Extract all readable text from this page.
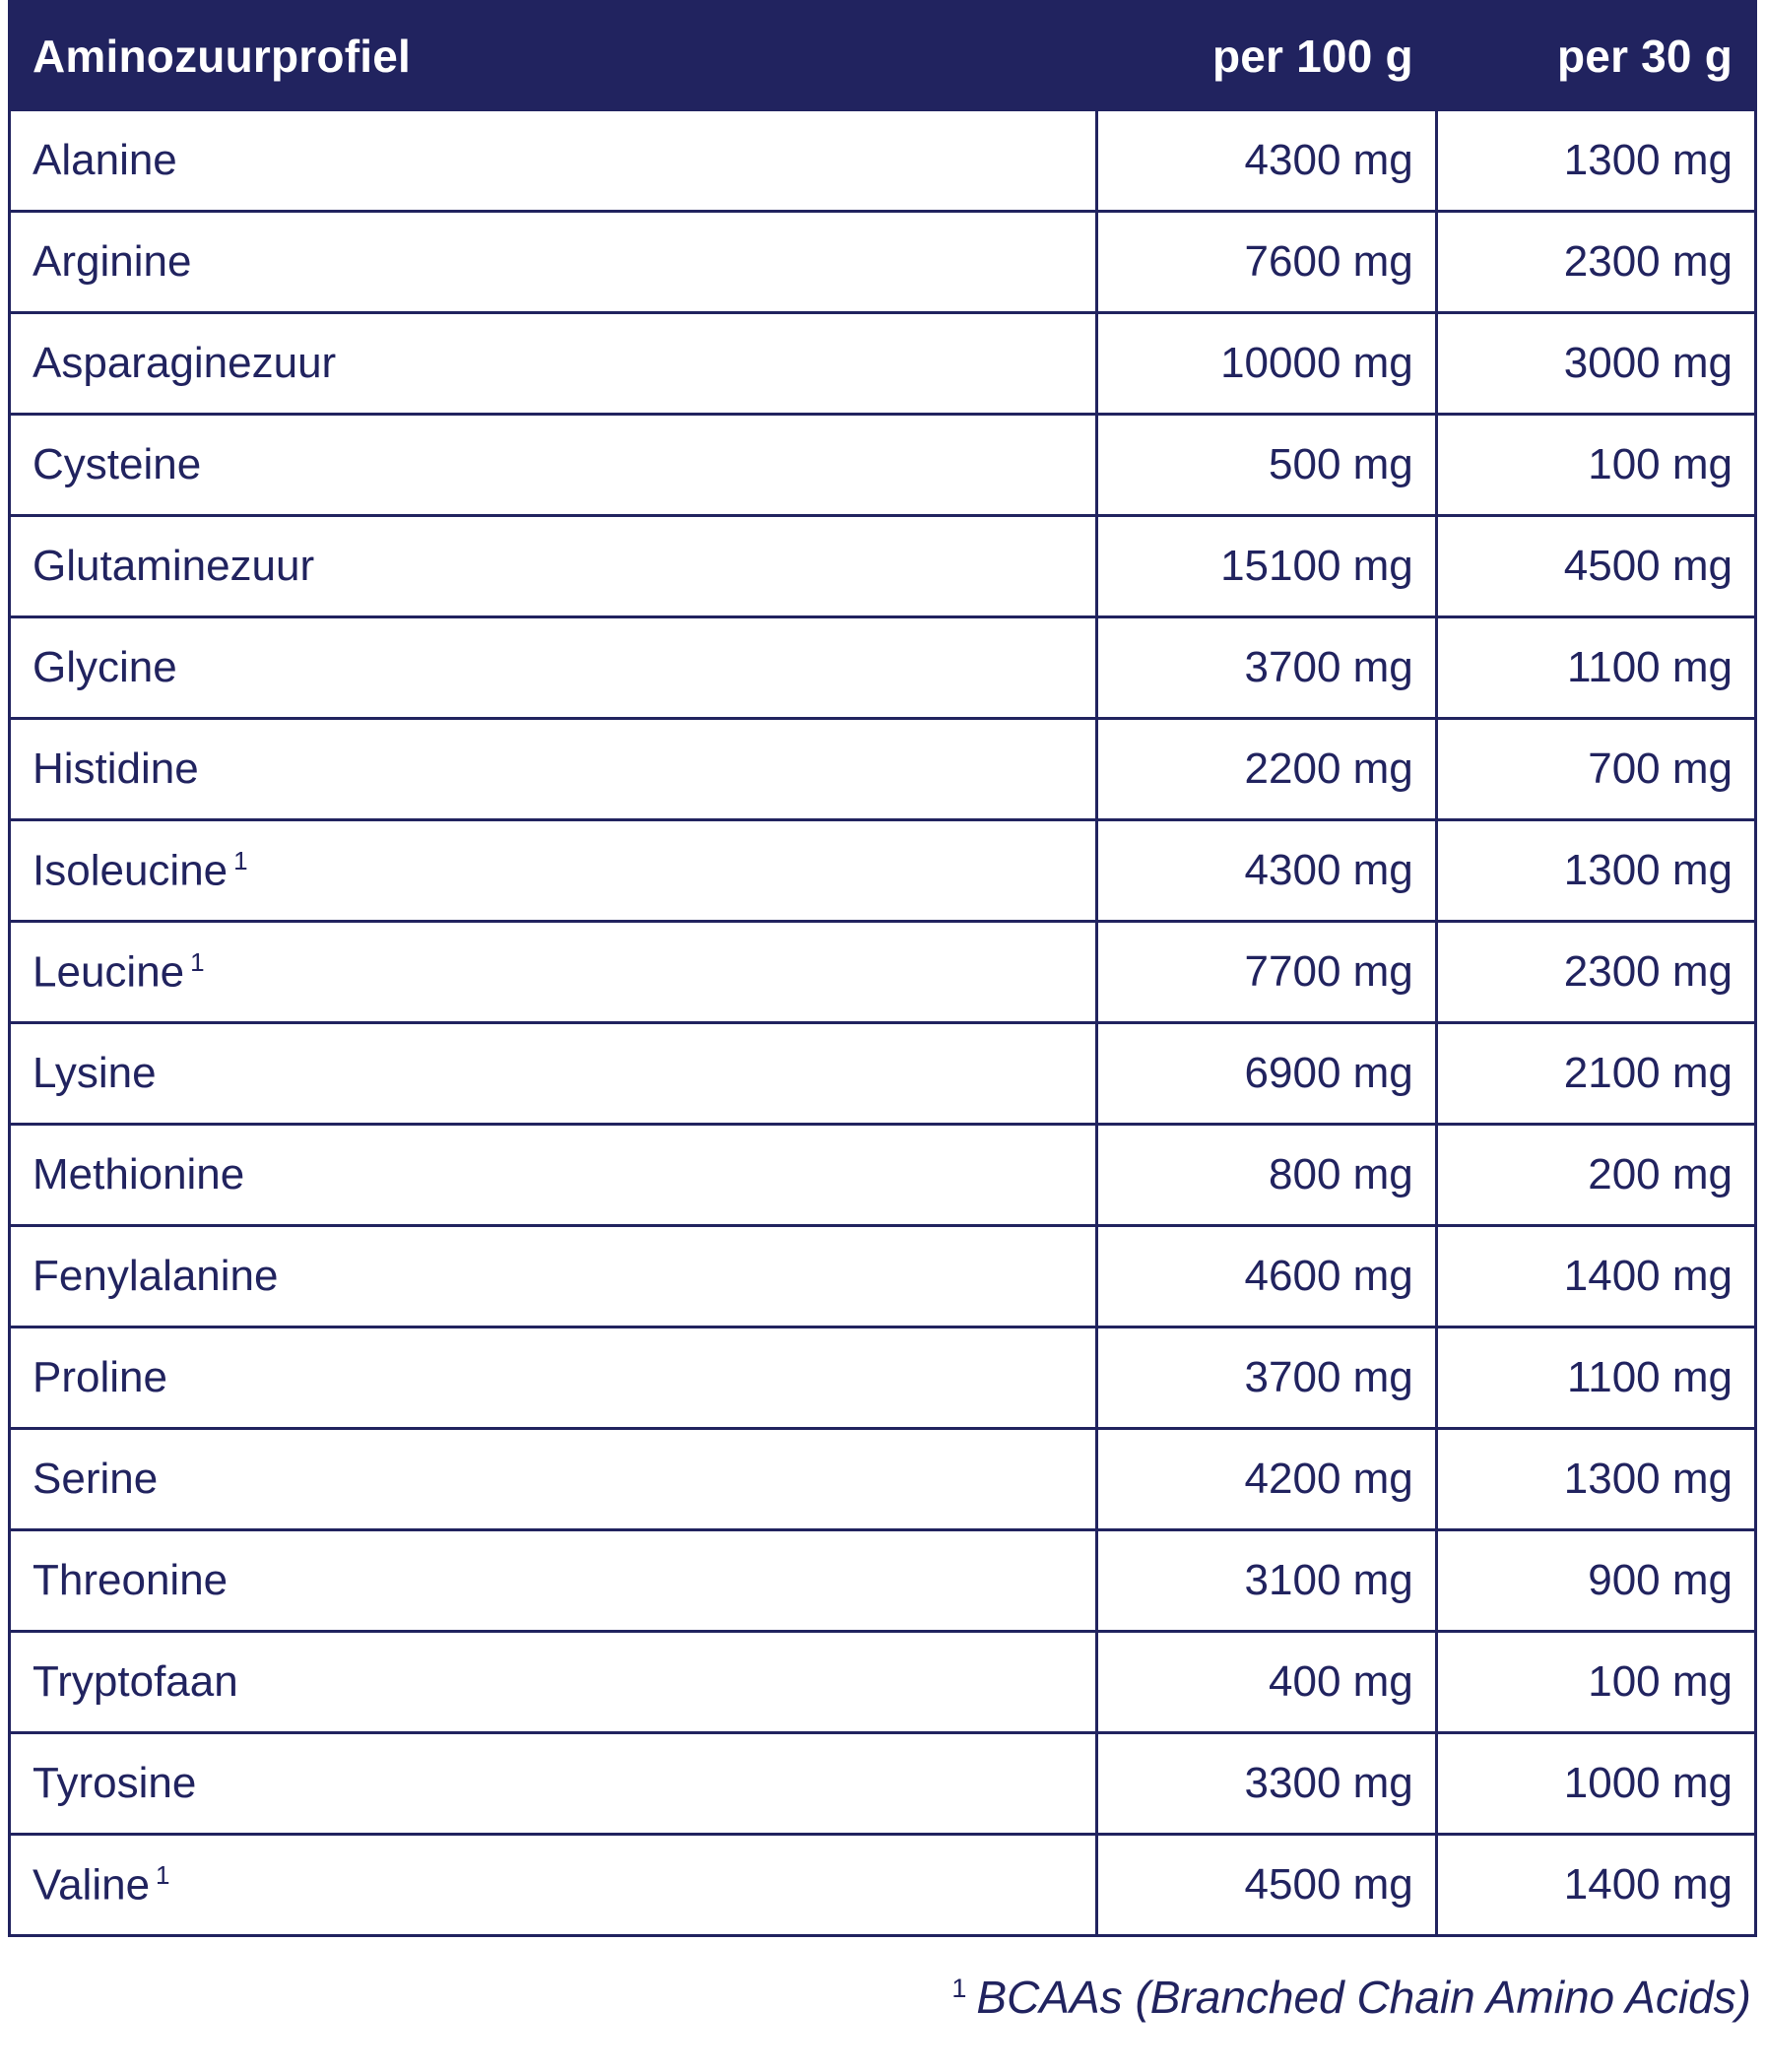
Aminozuurprofiel	per 100 g	per 30 g
Alanine	4300 mg	1300 mg
Arginine	7600 mg	2300 mg
Asparaginezuur	10000 mg	3000 mg
Cysteine	500 mg	100 mg
Glutaminezuur	15100 mg	4500 mg
Glycine	3700 mg	1100 mg
Histidine	2200 mg	700 mg
Isoleucine $^1$	4300 mg	1300 mg
Leucine $^1$	7700 mg	2300 mg
Lysine	6900 mg	2100 mg
Methionine	800 mg	200 mg
Fenylalanine	4600 mg	1400 mg
Proline	3700 mg	1100 mg
Serine	4200 mg	1300 mg
Threonine	3100 mg	900 mg
Tryptofaan	400 mg	100 mg
Tyrosine	3300 mg	1000 mg
Valine $^1$	4500 mg	1400 mg
$^1$ BCAAs (Branched Chain Amino Acids)
